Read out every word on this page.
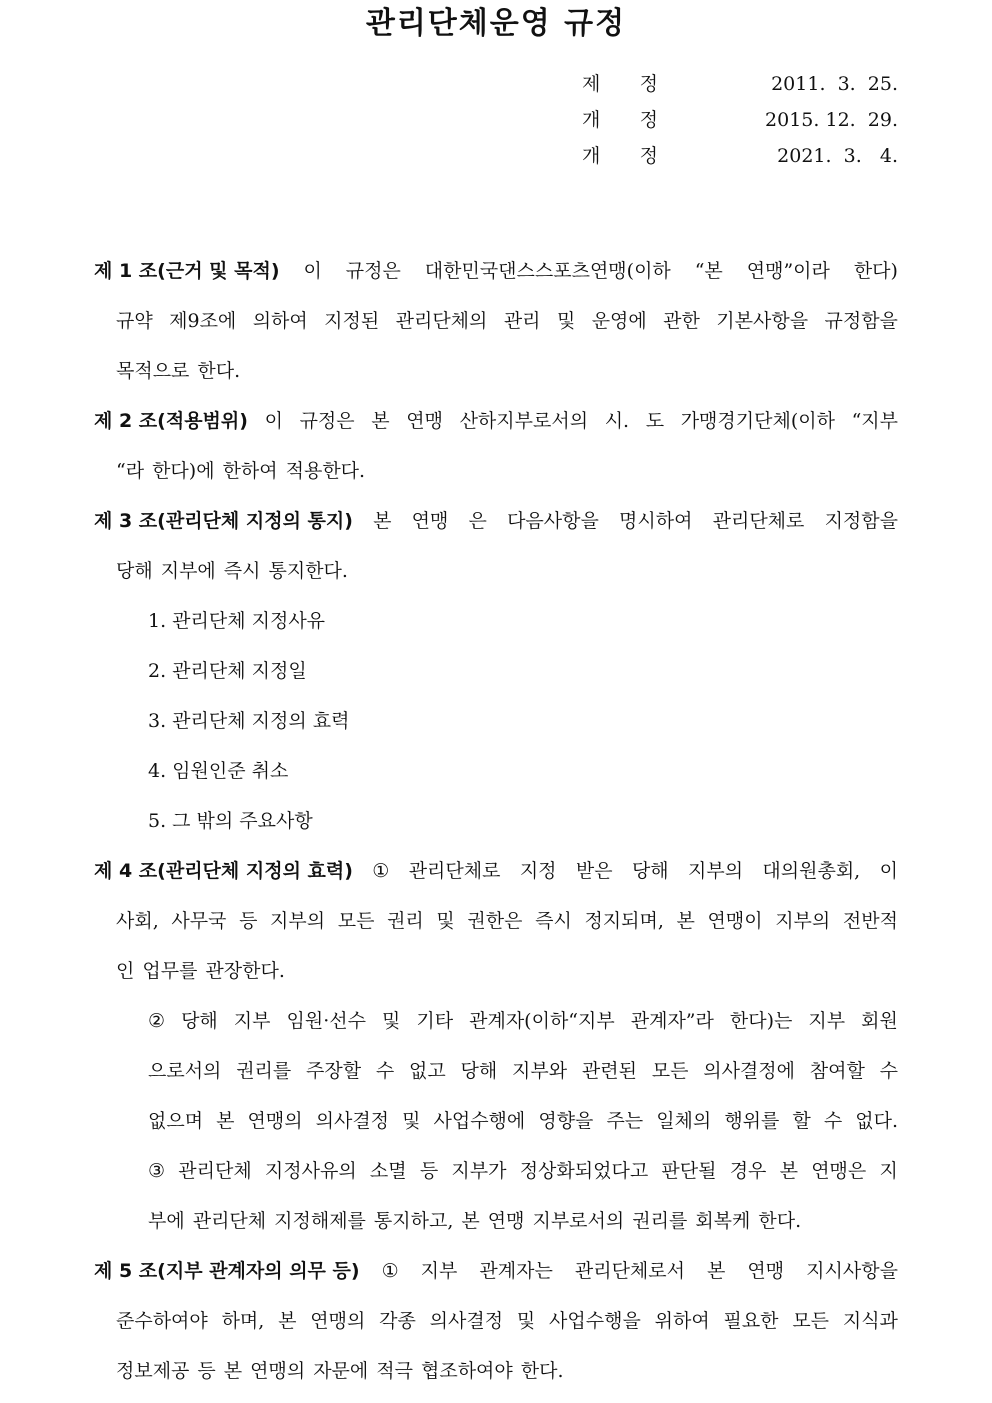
관리단체운영 규정
제 정	2011.  3.  25.
개 정	2015. 12.  29.
개 정	2021.  3.   4.
제 1 조(근거 및 목적) 이 규정은 대한민국댄스스포츠연맹(이하 “본 연맹”이라 한다)
규약 제9조에 의하여 지정된 관리단체의 관리 및 운영에 관한 기본사항을 규정함을
목적으로 한다.
제 2 조(적용범위) 이 규정은 본 연맹 산하지부로서의 시. 도 가맹경기단체(이하 “지부
“라 한다)에 한하여 적용한다.
제 3 조(관리단체 지정의 통지) 본 연맹 은 다음사항을 명시하여 관리단체로 지정함을
당해 지부에 즉시 통지한다.
1. 관리단체 지정사유
2. 관리단체 지정일
3. 관리단체 지정의 효력
4. 임원인준 취소
5. 그 밖의 주요사항
제 4 조(관리단체 지정의 효력) ① 관리단체로 지정 받은 당해 지부의 대의원총회, 이
사회, 사무국 등 지부의 모든 권리 및 권한은 즉시 정지되며, 본 연맹이 지부의 전반적
인 업무를 관장한다.
② 당해 지부 임원·선수 및 기타 관계자(이하“지부 관계자”라 한다)는 지부 회원
으로서의 권리를 주장할 수 없고 당해 지부와 관련된 모든 의사결정에 참여할 수
없으며 본 연맹의 의사결정 및 사업수행에 영향을 주는 일체의 행위를 할 수 없다.
③ 관리단체 지정사유의 소멸 등 지부가 정상화되었다고 판단될 경우 본 연맹은 지
부에 관리단체 지정해제를 통지하고, 본 연맹 지부로서의 권리를 회복케 한다.
제 5 조(지부 관계자의 의무 등) ① 지부 관계자는 관리단체로서 본 연맹 지시사항을
준수하여야 하며, 본 연맹의 각종 의사결정 및 사업수행을 위하여 필요한 모든 지식과
정보제공 등 본 연맹의 자문에 적극 협조하여야 한다.
